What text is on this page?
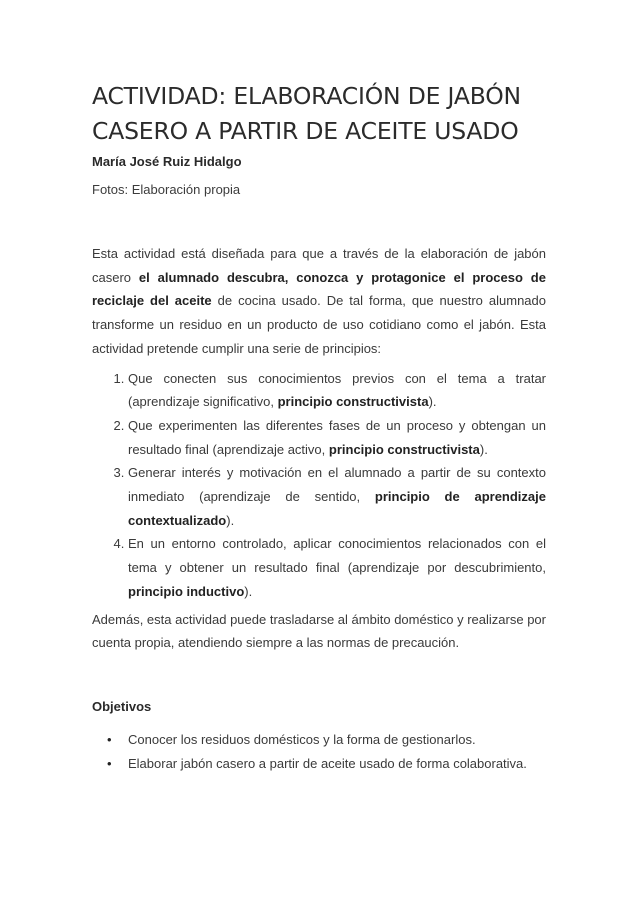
ACTIVIDAD: ELABORACIÓN DE JABÓN
CASERO A PARTIR DE ACEITE USADO

María José Ruiz Hidalgo

Fotos: Elaboración propia

Esta actividad está diseñada para que a través de la elaboración de jabón casero el alumnado descubra, conozca y protagonice el proceso de reciclaje del aceite de cocina usado. De tal forma, que nuestro alumnado transforme un residuo en un producto de uso cotidiano como el jabón. Esta actividad pretende cumplir una serie de principios:

1. Que conecten sus conocimientos previos con el tema a tratar (aprendizaje significativo, principio constructivista).
2. Que experimenten las diferentes fases de un proceso y obtengan un resultado final (aprendizaje activo, principio constructivista).
3. Generar interés y motivación en el alumnado a partir de su contexto inmediato (aprendizaje de sentido, principio de aprendizaje contextualizado).
4. En un entorno controlado, aplicar conocimientos relacionados con el tema y obtener un resultado final (aprendizaje por descubrimiento, principio inductivo).

Además, esta actividad puede trasladarse al ámbito doméstico y realizarse por cuenta propia, atendiendo siempre a las normas de precaución.

Objetivos

• Conocer los residuos domésticos y la forma de gestionarlos.
• Elaborar jabón casero a partir de aceite usado de forma colaborativa.
